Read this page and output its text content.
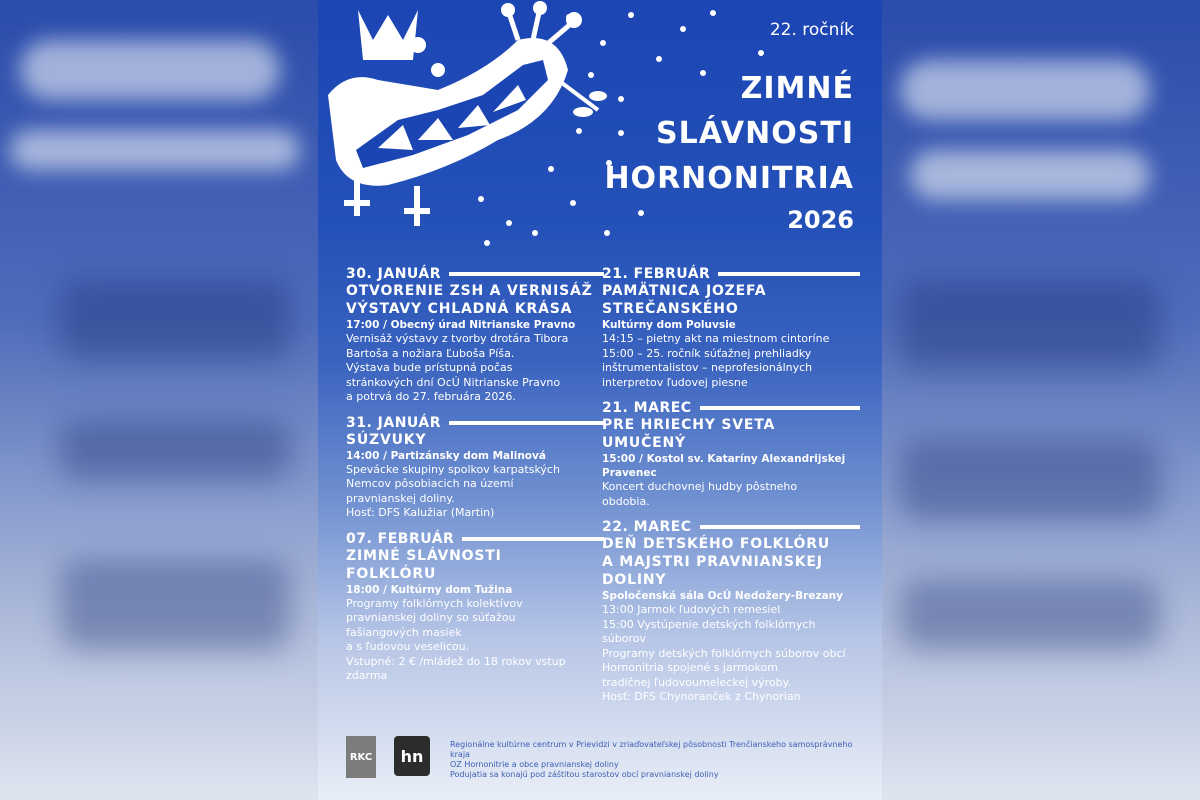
22. ročník
ZIMNÉ
SLÁVNOSTI
HORNONITRIA
2026
30. JANUÁR
OTVORENIE ZSH A VERNISÁŽ
VÝSTAVY CHLADNÁ KRÁSA
17:00 / Obecný úrad Nitrianske Pravno
Vernisáž výstavy z tvorby drotára Tibora
Bartoša a nožiara Ľuboša Píša.
Výstava bude prístupná počas
stránkových dní OcÚ Nitrianske Pravno
a potrvá do 27. februára 2026.
31. JANUÁR
SÚZVUKY
14:00 / Partizánsky dom Malinová
Spevácke skupiny spolkov karpatských
Nemcov pôsobiacich na území
pravnianskej doliny.
Hosť: DFS Kalužiar (Martin)
07. FEBRUÁR
ZIMNÉ SLÁVNOSTI
FOLKLÓRU
18:00 / Kultúrny dom Tužina
Programy folklórnych kolektívov
pravnianskej doliny so súťažou
fašiangových masiek
a s ľudovou veselicou.
Vstupné: 2 € /mládež do 18 rokov vstup
zdarma
21. FEBRUÁR
PAMÄTNICA JOZEFA
STREČANSKÉHO
Kultúrny dom Poluvsie
14:15 – pietny akt na miestnom cintoríne
15:00 – 25. ročník súťažnej prehliadky
inštrumentalistov – neprofesionálnych
interpretov ľudovej piesne
21. MAREC
PRE HRIECHY SVETA
UMUČENÝ
15:00 / Kostol sv. Kataríny Alexandrijskej Pravenec
Koncert duchovnej hudby pôstneho
obdobia.
22. MAREC
DEŇ DETSKÉHO FOLKLÓRU
A MAJSTRI PRAVNIANSKEJ
DOLINY
Spoločenská sála OcÚ Nedožery-Brezany
13:00 Jarmok ľudových remesiel
15:00 Vystúpenie detských folklórnych
súborov
Programy detských folklórnych súborov obcí
Hornonitria spojené s jarmokom
tradičnej ľudovoumeleckej výroby.
Hosť: DFS Chynoranček z Chynorian
RKC hn
Regionálne kultúrne centrum v Prievidzi v zriaďovateľskej pôsobnosti Trenčianskeho samosprávneho kraja
OZ Hornonitrie a obce pravnianskej doliny
Podujatia sa konajú pod záštitou starostov obcí pravnianskej doliny
